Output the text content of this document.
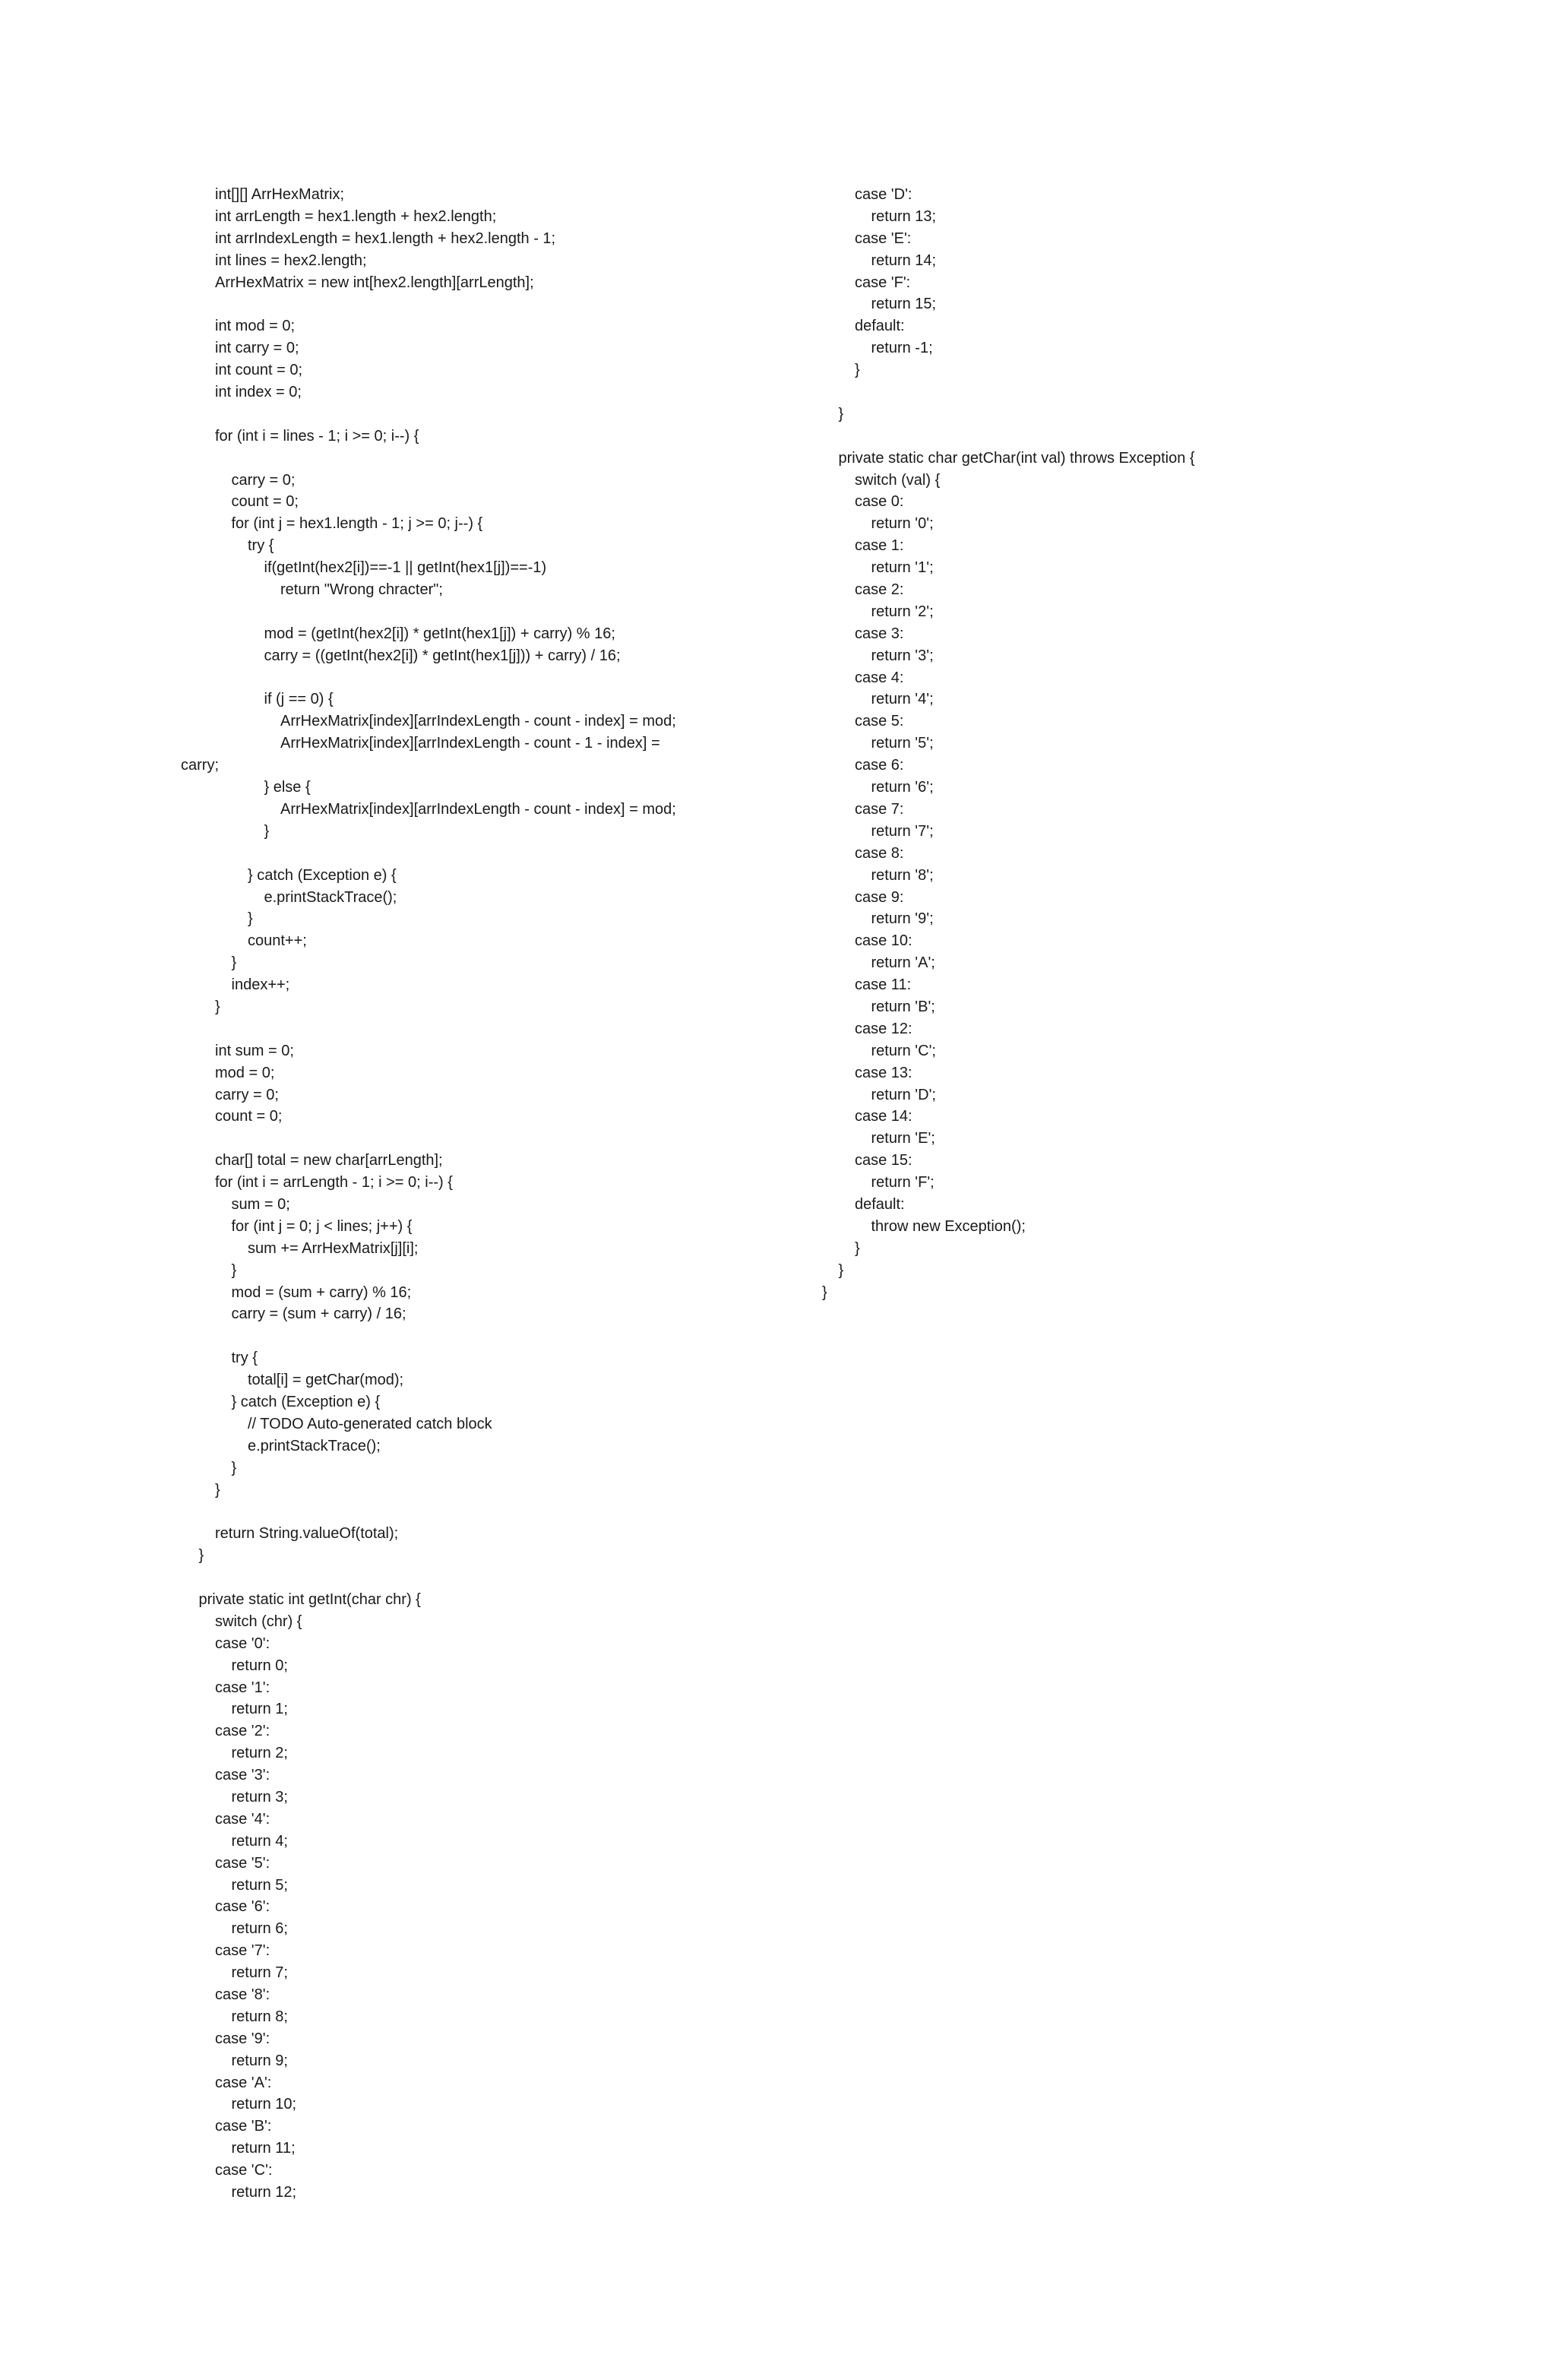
int[][] ArrHexMatrix;
int arrLength = hex1.length + hex2.length;
int arrIndexLength = hex1.length + hex2.length - 1;
int lines = hex2.length;
ArrHexMatrix = new int[hex2.length][arrLength];
int mod = 0;
int carry = 0;
int count = 0;
int index = 0;
for (int i = lines - 1; i >= 0; i--) {
carry = 0;
count = 0;
for (int j = hex1.length - 1; j >= 0; j--) {
try {
if(getInt(hex2[i])==-1 || getInt(hex1[j])==-1)
return "Wrong chracter";
mod = (getInt(hex2[i]) * getInt(hex1[j]) + carry) % 16;
carry = ((getInt(hex2[i]) * getInt(hex1[j])) + carry) / 16;
if (j == 0) {
ArrHexMatrix[index][arrIndexLength - count - index] = mod;
ArrHexMatrix[index][arrIndexLength - count - 1 - index] =
carry;
} else {
ArrHexMatrix[index][arrIndexLength - count - index] = mod;
}
} catch (Exception e) {
e.printStackTrace();
}
count++;
}
index++;
}
int sum = 0;
mod = 0;
carry = 0;
count = 0;
char[] total = new char[arrLength];
for (int i = arrLength - 1; i >= 0; i--) {
sum = 0;
for (int j = 0; j < lines; j++) {
sum += ArrHexMatrix[j][i];
}
mod = (sum + carry) % 16;
carry = (sum + carry) / 16;
try {
total[i] = getChar(mod);
} catch (Exception e) {
// TODO Auto-generated catch block
e.printStackTrace();
}
}
return String.valueOf(total);
}
private static int getInt(char chr) {
switch (chr) {
case '0':
return 0;
case '1':
return 1;
case '2':
return 2;
case '3':
return 3;
case '4':
return 4;
case '5':
return 5;
case '6':
return 6;
case '7':
return 7;
case '8':
return 8;
case '9':
return 9;
case 'A':
return 10;
case 'B':
return 11;
case 'C':
return 12;
case 'D':
return 13;
case 'E':
return 14;
case 'F':
return 15;
default:
return -1;
}
}
private static char getChar(int val) throws Exception {
switch (val) {
case 0:
return '0';
case 1:
return '1';
case 2:
return '2';
case 3:
return '3';
case 4:
return '4';
case 5:
return '5';
case 6:
return '6';
case 7:
return '7';
case 8:
return '8';
case 9:
return '9';
case 10:
return 'A';
case 11:
return 'B';
case 12:
return 'C';
case 13:
return 'D';
case 14:
return 'E';
case 15:
return 'F';
default:
throw new Exception();
}
}
}
